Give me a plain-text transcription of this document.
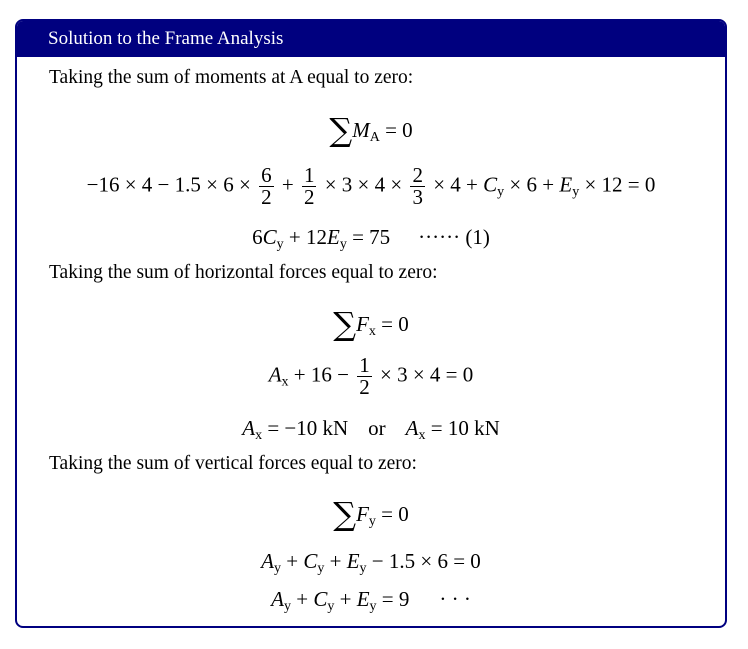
Solution to the Frame Analysis
Taking the sum of moments at A equal to zero:
$\sum M_A = 0$
$-16 \times 4 - 1.5 \times 6 \times \frac{6}{2} + \frac{1}{2} \times 3 \times 4 \times \frac{2}{3} \times 4 + C_y \times 6 + E_y \times 12 = 0$
$6C_y + 12E_y = 75$ ······ (1)
Taking the sum of horizontal forces equal to zero:
$\sum F_x = 0$
$A_x + 16 - \frac{1}{2} \times 3 \times 4 = 0$
$A_x = -10$ kN or $A_x = 10$ kN
Taking the sum of vertical forces equal to zero:
$\sum F_y = 0$
$A_y + C_y + E_y - 1.5 \times 6 = 0$
$A_y + C_y + E_y = 9$ · · ·
